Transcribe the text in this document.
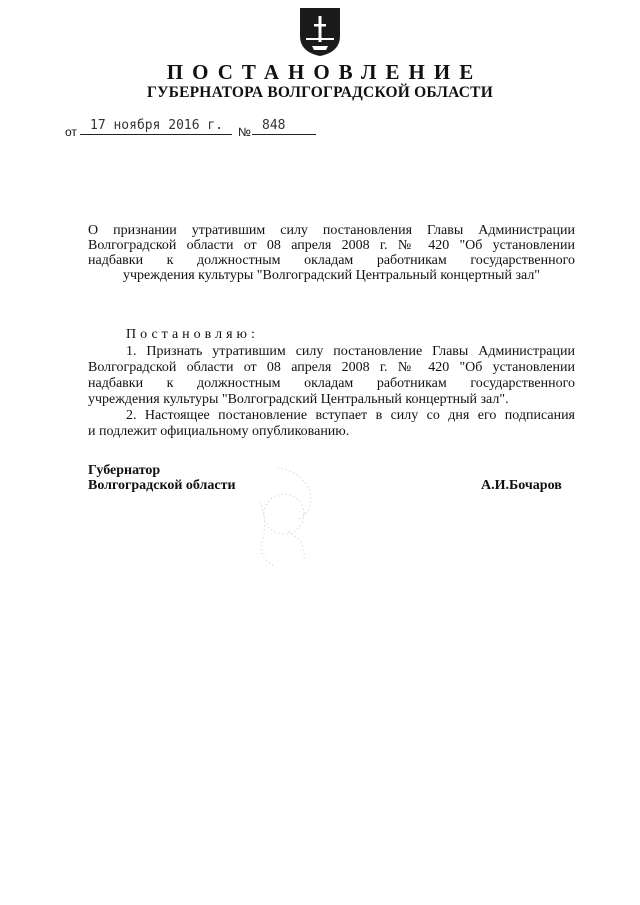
ПОСТАНОВЛЕНИЕ
ГУБЕРНАТОРА ВОЛГОГРАДСКОЙ ОБЛАСТИ
от 17 ноября 2016 г. № 848
О признании утратившим силу постановления Главы Администрации
Волгоградской области от 08 апреля 2008 г. № 420 "Об установлении
надбавки к должностным окладам работникам государственного
учреждения культуры "Волгоградский Центральный концертный зал"
Постановляю:
1. Признать утратившим силу постановление Главы Администрации
Волгоградской области от 08 апреля 2008 г. № 420 "Об установлении
надбавки к должностным окладам работникам государственного
учреждения культуры "Волгоградский Центральный концертный зал".
2. Настоящее постановление вступает в силу со дня его подписания
и подлежит официальному опубликованию.
Губернатор
Волгоградской области	А.И.Бочаров
